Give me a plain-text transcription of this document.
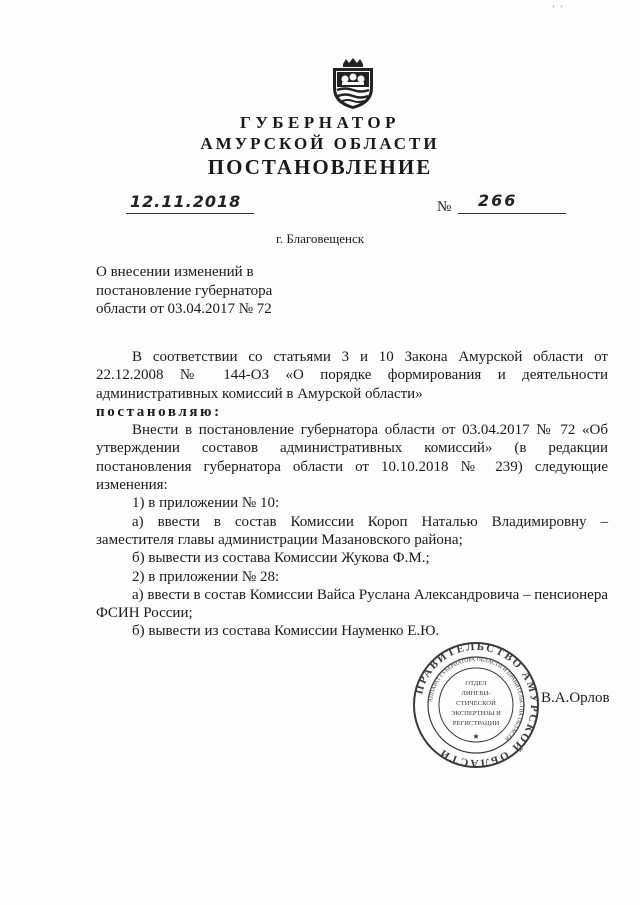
' '
ГУБЕРНАТОР
АМУРСКОЙ ОБЛАСТИ
ПОСТАНОВЛЕНИЕ
12.11.2018	№ 266
г. Благовещенск
О внесении изменений в
постановление губернатора
области от 03.04.2017 № 72

В соответствии со статьями 3 и 10 Закона Амурской области от 22.12.2008 № 144-ОЗ «О порядке формирования и деятельности административных комиссий в Амурской области»

постановляю:

Внести в постановление губернатора области от 03.04.2017 № 72 «Об утверждении составов административных комиссий» (в редакции постановления губернатора области от 10.10.2018 № 239) следующие изменения:

1) в приложении № 10:

а) ввести в состав Комиссии Короп Наталью Владимировну – заместителя главы администрации Мазановского района;

б) вывести из состава Комиссии Жукова Ф.М.;

2) в приложении № 28:

а) ввести в состав Комиссии Вайса Руслана Александровича – пенсионера ФСИН России;

б) вывести из состава Комиссии Науменко Е.Ю.

ПРАВИТЕЛЬСТВО АМУРСКОЙ ОБЛАСТИ
АППАРАТ ГУБЕРНАТОРА ОБЛАСТИ И ПРАВИТЕЛЬСТВА ОБЛАСТИ
ОТДЕЛ
ЛИНГВИ-
СТИЧЕСКОЙ
ЭКСПЕРТИЗЫ И
РЕГИСТРАЦИИ
★
В.А.Орлов
